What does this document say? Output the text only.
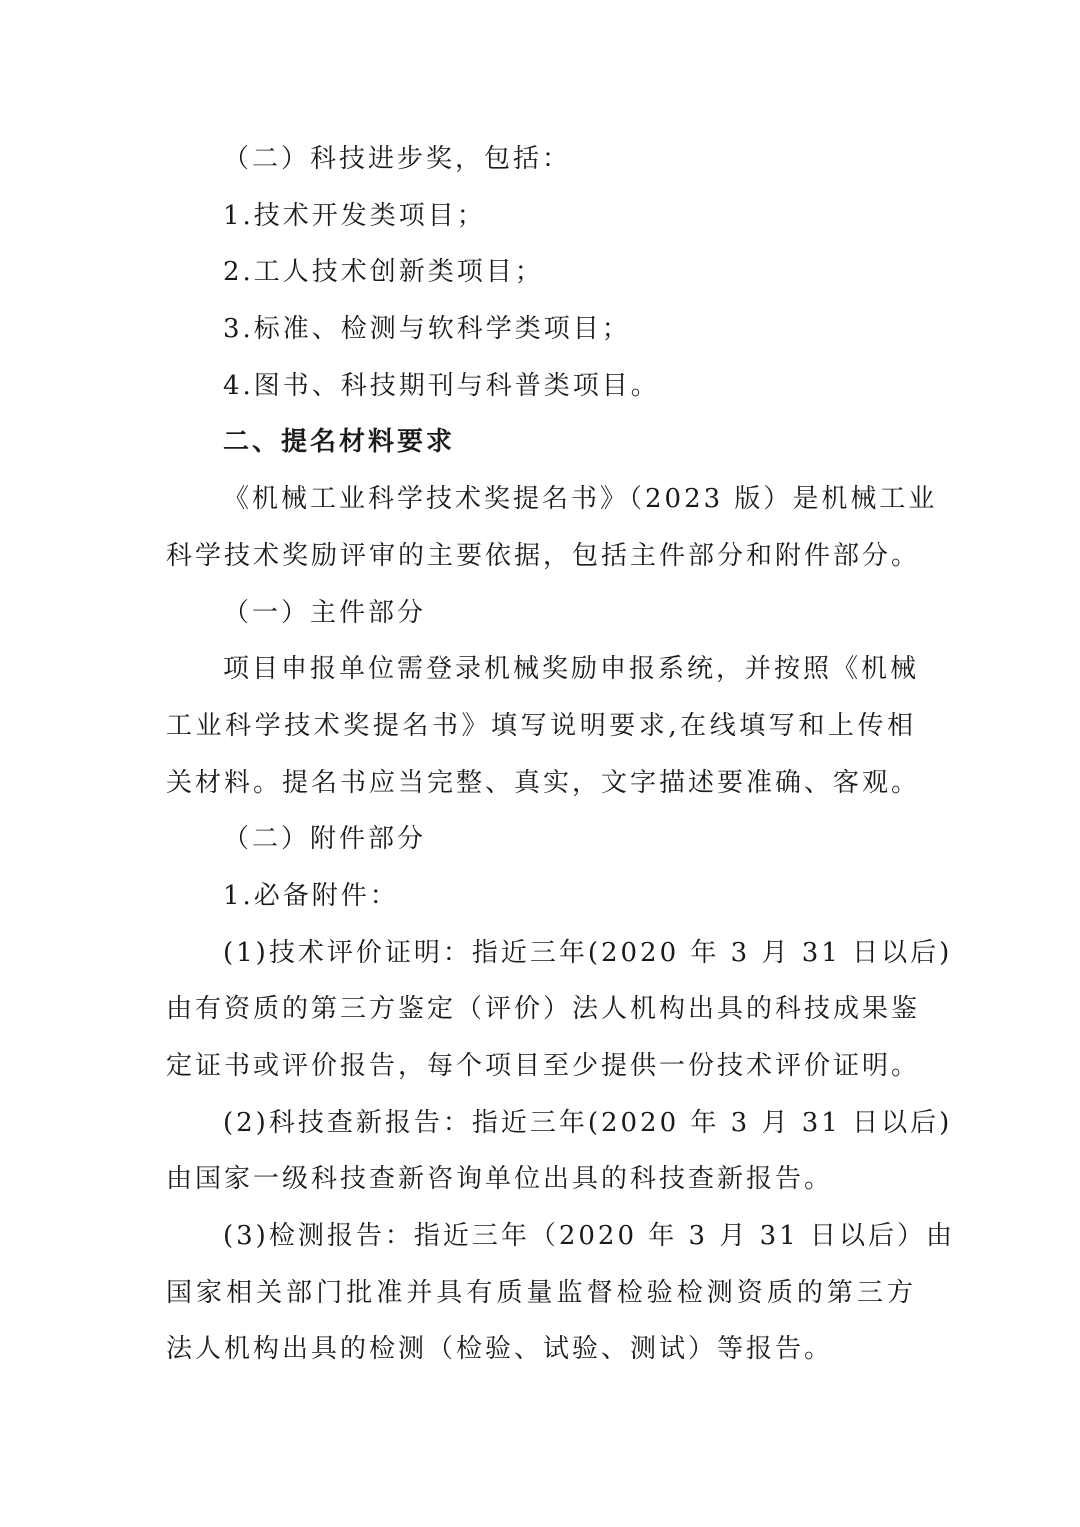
（二）科技进步奖，包括：
1.技术开发类项目；
2.工人技术创新类项目；
3.标准、检测与软科学类项目；
4.图书、科技期刊与科普类项目。
二、提名材料要求
《机械工业科学技术奖提名书》（2023 版）是机械工业
科学技术奖励评审的主要依据，包括主件部分和附件部分。
（一）主件部分
项目申报单位需登录机械奖励申报系统，并按照《机械
工业科学技术奖提名书》填写说明要求,在线填写和上传相
关材料。提名书应当完整、真实，文字描述要准确、客观。
（二）附件部分
1.必备附件：
(1)技术评价证明：指近三年(2020 年 3 月 31 日以后)
由有资质的第三方鉴定（评价）法人机构出具的科技成果鉴
定证书或评价报告，每个项目至少提供一份技术评价证明。
(2)科技查新报告：指近三年(2020 年 3 月 31 日以后)
由国家一级科技查新咨询单位出具的科技查新报告。
(3)检测报告：指近三年（2020 年 3 月 31 日以后）由
国家相关部门批准并具有质量监督检验检测资质的第三方
法人机构出具的检测（检验、试验、测试）等报告。
